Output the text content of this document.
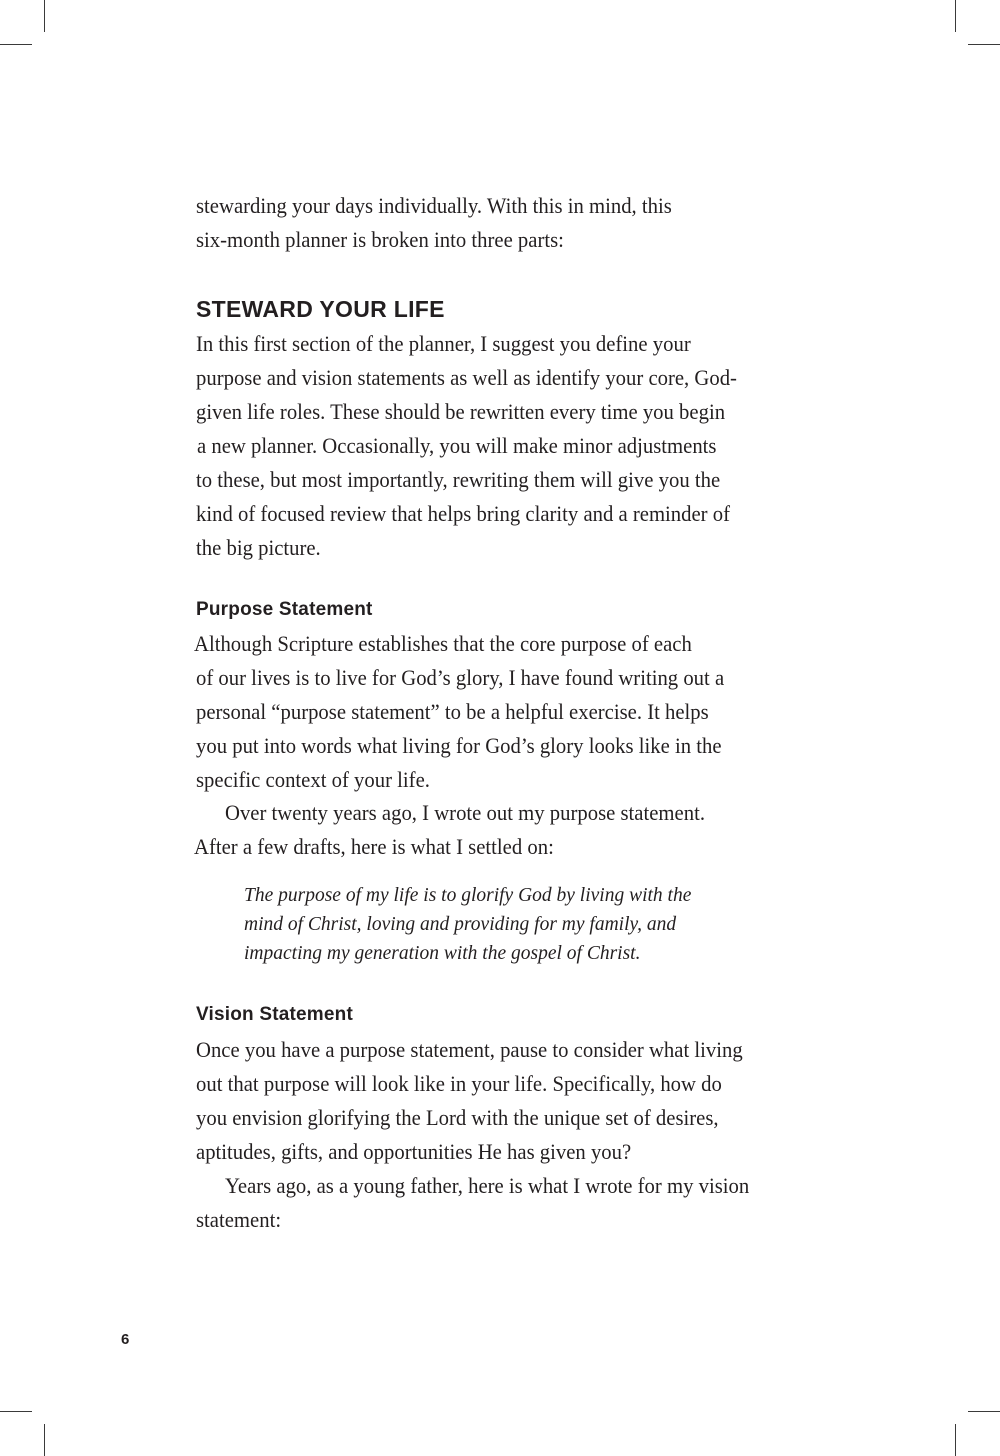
stewarding your days individually. With this in mind, this
six-month planner is broken into three parts:
STEWARD YOUR LIFE
In this first section of the planner, I suggest you define your
purpose and vision statements as well as identify your core, God-
given life roles. These should be rewritten every time you begin
a new planner. Occasionally, you will make minor adjustments
to these, but most importantly, rewriting them will give you the
kind of focused review that helps bring clarity and a reminder of
the big picture.
Purpose Statement
Although Scripture establishes that the core purpose of each
of our lives is to live for God’s glory, I have found writing out a
personal “purpose statement” to be a helpful exercise. It helps
you put into words what living for God’s glory looks like in the
specific context of your life.
Over twenty years ago, I wrote out my purpose statement.
After a few drafts, here is what I settled on:
The purpose of my life is to glorify God by living with the
mind of Christ, loving and providing for my family, and
impacting my generation with the gospel of Christ.
Vision Statement
Once you have a purpose statement, pause to consider what living
out that purpose will look like in your life. Specifically, how do
you envision glorifying the Lord with the unique set of desires,
aptitudes, gifts, and opportunities He has given you?
Years ago, as a young father, here is what I wrote for my vision
statement:
6
